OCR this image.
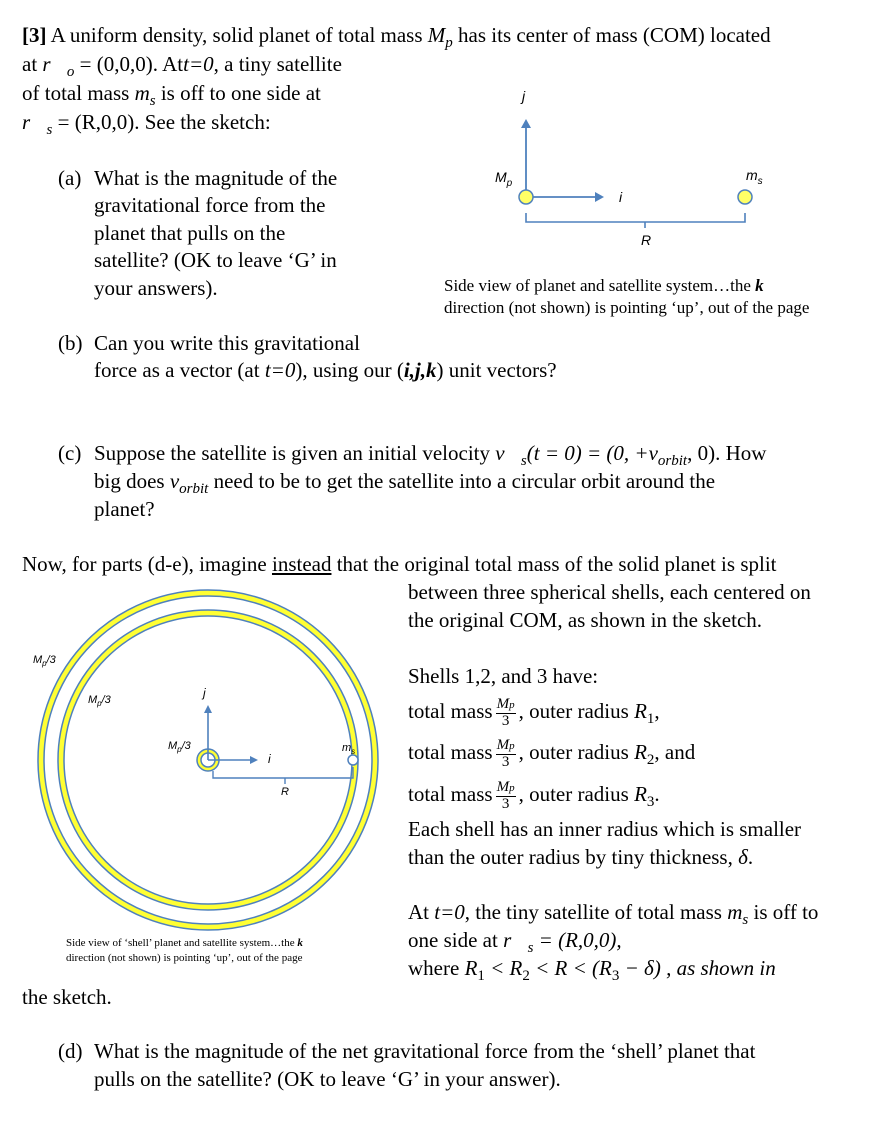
[3] A uniform density, solid planet of total mass $M_p$ has its center of mass (COM) located
at $r⃗_o = (0,0,0)$. Att=0, a tiny satellite
of total mass $m_s$ is off to one side at
$r⃗_s = (R,0,0)$. See the sketch:
(a) What is the magnitude of the
gravitational force from the
planet that pulls on the
satellite? (OK to leave ‘G’ in
your answers).
j
i
$M_p$
$m_s$
R
Side view of planet and satellite system…the k
direction (not shown) is pointing ‘up’, out of the page
(b) Can you write this gravitational
force as a vector (at t=0), using our (i,j,k) unit vectors?
(c) Suppose the satellite is given an initial velocity $v⃗_s(t = 0) = (0$, $+v_{orbit}$, 0). How
big does $v_{orbit}$ need to be to get the satellite into a circular orbit around the
planet?
Now, for parts (d-e), imagine instead that the original total mass of the solid planet is split
between three spherical shells, each centered on
the original COM, as shown in the sketch.
Shells 1,2, and 3 have:
total mass $\frac{Mp}{3}$ , outer radius $R_1$,
total mass $\frac{Mp}{3}$ , outer radius $R_2$, and
total mass $\frac{Mp}{3}$ , outer radius $R_3$.
Each shell has an inner radius which is smaller
than the outer radius by tiny thickness, δ.
At t=0, the tiny satellite of total mass $m_s$ is off to
one side at $r⃗_s = (R,0,0)$,
where $R_1 < R_2 < R < (R_3 - \delta)$ , as shown in
the sketch.
j
i
$m_s$
R
$M_p/3$
$M_p/3$
$M_p/3$
Side view of ‘shell’ planet and satellite system…the k
direction (not shown) is pointing ‘up’, out of the page
(d) What is the magnitude of the net gravitational force from the ‘shell’ planet that
pulls on the satellite? (OK to leave ‘G’ in your answer).
